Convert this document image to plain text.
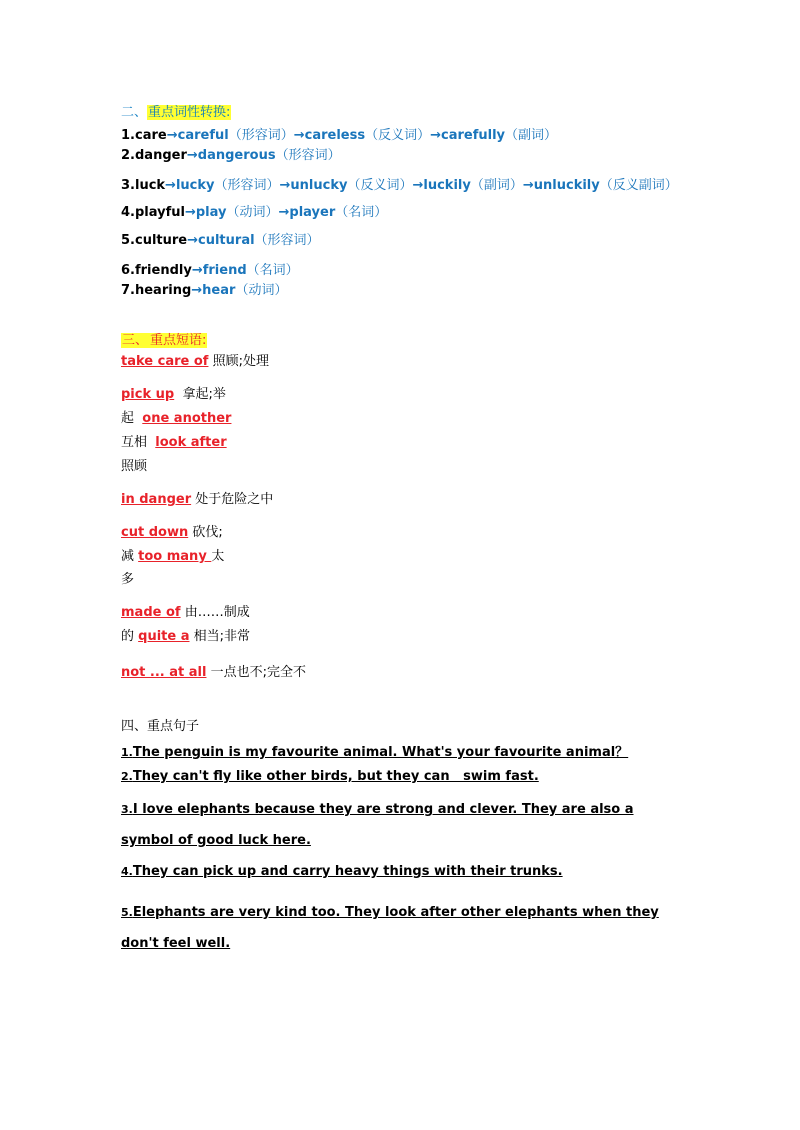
二、重点词性转换:
1.care→careful（形容词）→careless（反义词）→carefully（副词）
2.danger→dangerous（形容词）
3.luck→lucky（形容词）→unlucky（反义词）→luckily（副词）→unluckily（反义副词）
4.playful→play（动词）→player（名词）
5.culture→cultural（形容词）
6.friendly→friend（名词）
7.hearing→hear（动词）
三、 重点短语:
take care of 照顾;处理
pick up  拿起;举
起  one another
互相  look after
照顾
in danger 处于危险之中
cut down 砍伐;
减 too many 太
多
made of 由……制成
的 quite a 相当;非常
not ... at all 一点也不;完全不
四、重点句子
1.The penguin is my favourite animal. What's your favourite animal？
2.They can't fly like other birds, but they can   swim fast.
3.I love elephants because they are strong and clever. They are also a symbol of good luck here.
4.They can pick up and carry heavy things with their trunks.
5.Elephants are very kind too. They look after other elephants when they don't feel well.
